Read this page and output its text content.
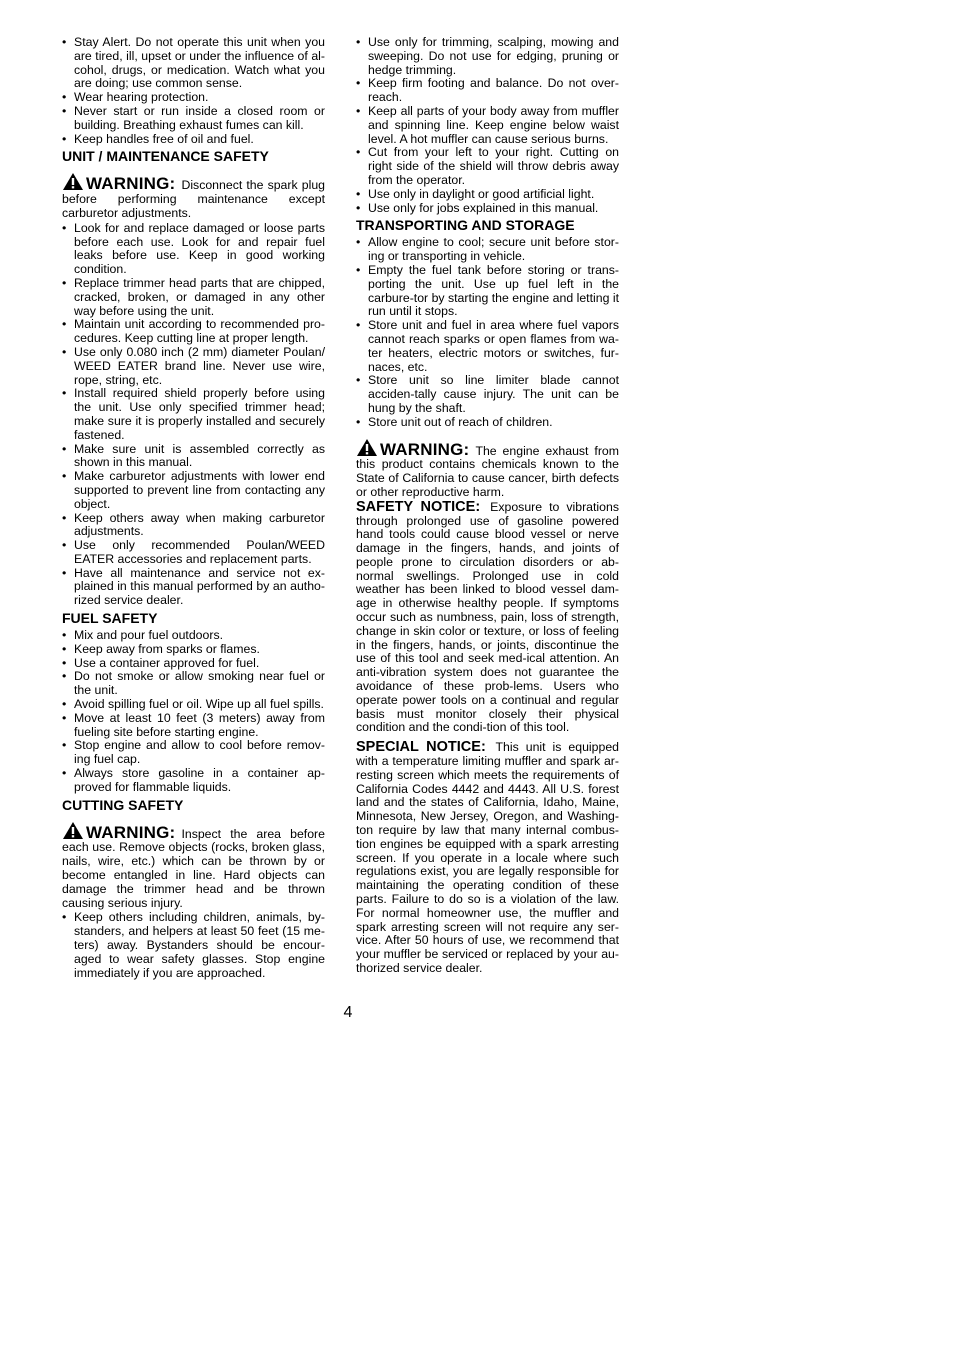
• Stay Alert. Do not operate this unit when you are tired, ill, upset or under the influence of al-cohol, drugs, or medication. Watch what you are doing; use common sense.
• Wear hearing protection.
• Never start or run inside a closed room or building. Breathing exhaust fumes can kill.
• Keep handles free of oil and fuel.
UNIT / MAINTENANCE SAFETY

WARNING: Disconnect the spark plug before performing maintenance except carburetor adjustments.

• Look for and replace damaged or loose parts before each use. Look for and repair fuel leaks before use. Keep in good working condition.
• Replace trimmer head parts that are chipped, cracked, broken, or damaged in any other way before using the unit.
• Maintain unit according to recommended pro-cedures. Keep cutting line at proper length.
• Use only 0.080 inch (2 mm) diameter Poulan/ WEED EATER brand line. Never use wire, rope, string, etc.
• Install required shield properly before using the unit. Use only specified trimmer head; make sure it is properly installed and securely fastened.
• Make sure unit is assembled correctly as shown in this manual.
• Make carburetor adjustments with lower end supported to prevent line from contacting any object.
• Keep others away when making carburetor adjustments.
• Use only recommended Poulan/WEED EATER accessories and replacement parts.
• Have all maintenance and service not ex-plained in this manual performed by an autho-rized service dealer.
FUEL SAFETY
• Mix and pour fuel outdoors.
• Keep away from sparks or flames.
• Use a container approved for fuel.
• Do not smoke or allow smoking near fuel or the unit.
• Avoid spilling fuel or oil. Wipe up all fuel spills.
• Move at least 10 feet (3 meters) away from fueling site before starting engine.
• Stop engine and allow to cool before remov-ing fuel cap.
• Always store gasoline in a container ap-proved for flammable liquids.
CUTTING SAFETY

WARNING: Inspect the area before each use. Remove objects (rocks, broken glass, nails, wire, etc.) which can be thrown by or become entangled in line. Hard objects can damage the trimmer head and be thrown causing serious injury.

• Keep others including children, animals, by-standers, and helpers at least 50 feet (15 me-ters) away. Bystanders should be encour-aged to wear safety glasses. Stop engine immediately if you are approached.
• Use only for trimming, scalping, mowing and sweeping. Do not use for edging, pruning or hedge trimming.
• Keep firm footing and balance. Do not over-reach.
• Keep all parts of your body away from muffler and spinning line. Keep engine below waist level. A hot muffler can cause serious burns.
• Cut from your left to your right. Cutting on right side of the shield will throw debris away from the operator.
• Use only in daylight or good artificial light.
• Use only for jobs explained in this manual.
TRANSPORTING AND STORAGE
• Allow engine to cool; secure unit before stor-ing or transporting in vehicle.
• Empty the fuel tank before storing or trans-porting the unit. Use up fuel left in the carbure-tor by starting the engine and letting it run until it stops.
• Store unit and fuel in area where fuel vapors cannot reach sparks or open flames from wa-ter heaters, electric motors or switches, fur-naces, etc.
• Store unit so line limiter blade cannot acciden-tally cause injury. The unit can be hung by the shaft.
• Store unit out of reach of children.

WARNING: The engine exhaust from this product contains chemicals known to the State of California to cause cancer, birth defects or other reproductive harm.

SAFETY NOTICE: Exposure to vibrations through prolonged use of gasoline powered hand tools could cause blood vessel or nerve damage in the fingers, hands, and joints of people prone to circulation disorders or ab-normal swellings. Prolonged use in cold weather has been linked to blood vessel dam-age in otherwise healthy people. If symptoms occur such as numbness, pain, loss of strength, change in skin color or texture, or loss of feeling in the fingers, hands, or joints, discontinue the use of this tool and seek med-ical attention. An anti-vibration system does not guarantee the avoidance of these prob-lems. Users who operate power tools on a continual and regular basis must monitor closely their physical condition and the condi-tion of this tool.

SPECIAL NOTICE: This unit is equipped with a temperature limiting muffler and spark ar-resting screen which meets the requirements of California Codes 4442 and 4443. All U.S. forest land and the states of California, Idaho, Maine, Minnesota, New Jersey, Oregon, and Washing-ton require by law that many internal combus-tion engines be equipped with a spark arresting screen. If you operate in a locale where such regulations exist, you are legally responsible for maintaining the operating condition of these parts. Failure to do so is a violation of the law. For normal homeowner use, the muffler and spark arresting screen will not require any ser-vice. After 50 hours of use, we recommend that your muffler be serviced or replaced by your au-thorized service dealer.

4
